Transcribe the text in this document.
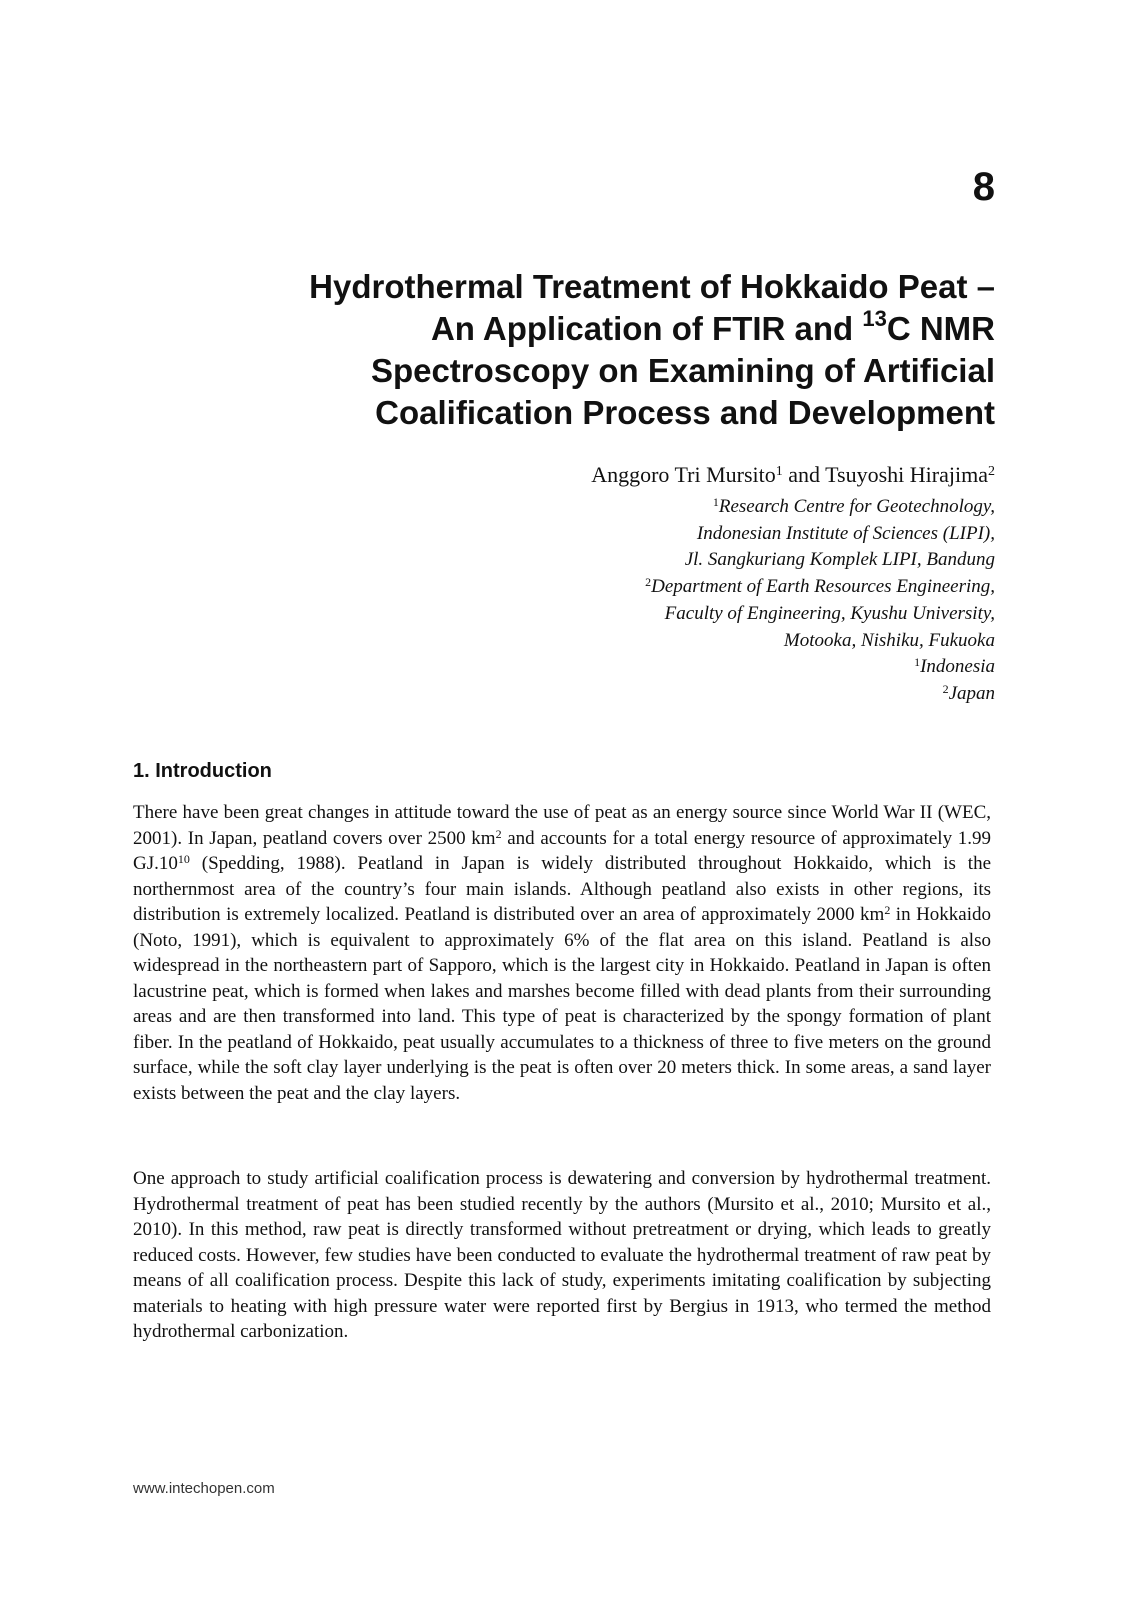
8
Hydrothermal Treatment of Hokkaido Peat –
An Application of FTIR and $^{13}$C NMR
Spectroscopy on Examining of Artificial
Coalification Process and Development
Anggoro Tri Mursito$^1$ and Tsuyoshi Hirajima$^2$
$^1$Research Centre for Geotechnology,
Indonesian Institute of Sciences (LIPI),
Jl. Sangkuriang Komplek LIPI, Bandung
$^2$Department of Earth Resources Engineering,
Faculty of Engineering, Kyushu University,
Motooka, Nishiku, Fukuoka
$^1$Indonesia
$^2$Japan
1. Introduction
There have been great changes in attitude toward the use of peat as an energy source since World War II (WEC, 2001). In Japan, peatland covers over 2500 $km^2$ and accounts for a total energy resource of approximately 1.99 $GJ.10^{10}$ (Spedding, 1988). Peatland in Japan is widely distributed throughout Hokkaido, which is the northernmost area of the country’s four main islands. Although peatland also exists in other regions, its distribution is extremely localized. Peatland is distributed over an area of approximately 2000 $km^2$ in Hokkaido (Noto, 1991), which is equivalent to approximately 6% of the flat area on this island. Peatland is also widespread in the northeastern part of Sapporo, which is the largest city in Hokkaido. Peatland in Japan is often lacustrine peat, which is formed when lakes and marshes become filled with dead plants from their surrounding areas and are then transformed into land. This type of peat is characterized by the spongy formation of plant fiber. In the peatland of Hokkaido, peat usually accumulates to a thickness of three to five meters on the ground surface, while the soft clay layer underlying is the peat is often over 20 meters thick. In some areas, a sand layer exists between the peat and the clay layers.
One approach to study artificial coalification process is dewatering and conversion by hydrothermal treatment. Hydrothermal treatment of peat has been studied recently by the authors (Mursito et al., 2010; Mursito et al., 2010). In this method, raw peat is directly transformed without pretreatment or drying, which leads to greatly reduced costs. However, few studies have been conducted to evaluate the hydrothermal treatment of raw peat by means of all coalification process. Despite this lack of study, experiments imitating coalification by subjecting materials to heating with high pressure water were reported first by Bergius in 1913, who termed the method hydrothermal carbonization.
www.intechopen.com
